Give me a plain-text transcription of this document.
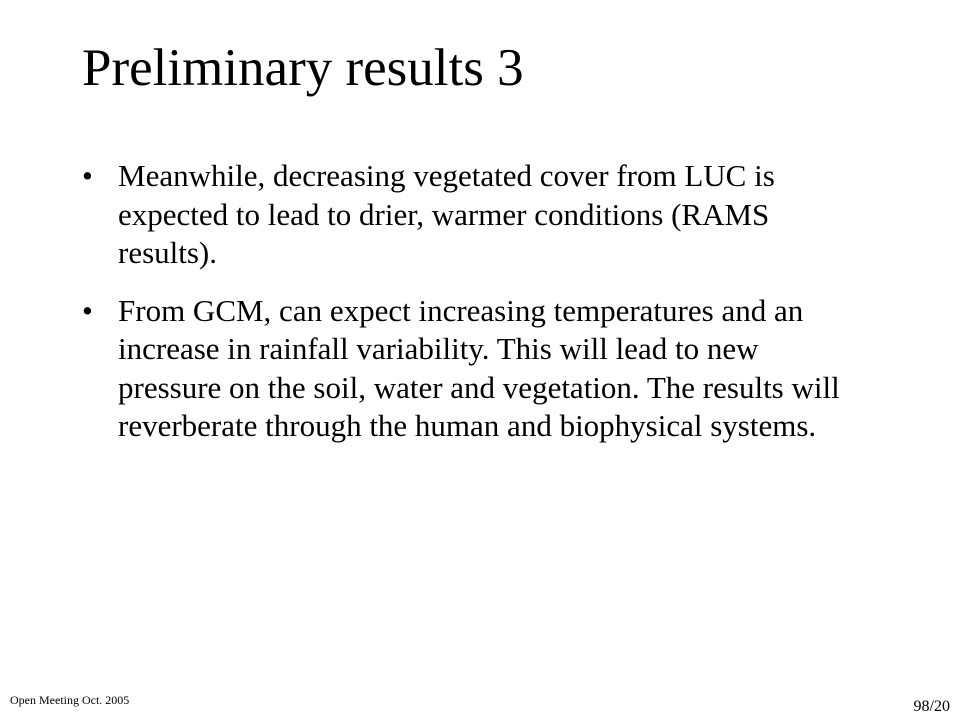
Preliminary results 3
• Meanwhile, decreasing vegetated cover from LUC is expected to lead to drier, warmer conditions (RAMS results).
• From GCM, can expect increasing temperatures and an increase in rainfall variability. This will lead to new pressure on the soil, water and vegetation. The results will reverberate through the human and biophysical systems.
Open Meeting Oct. 2005	98/20
